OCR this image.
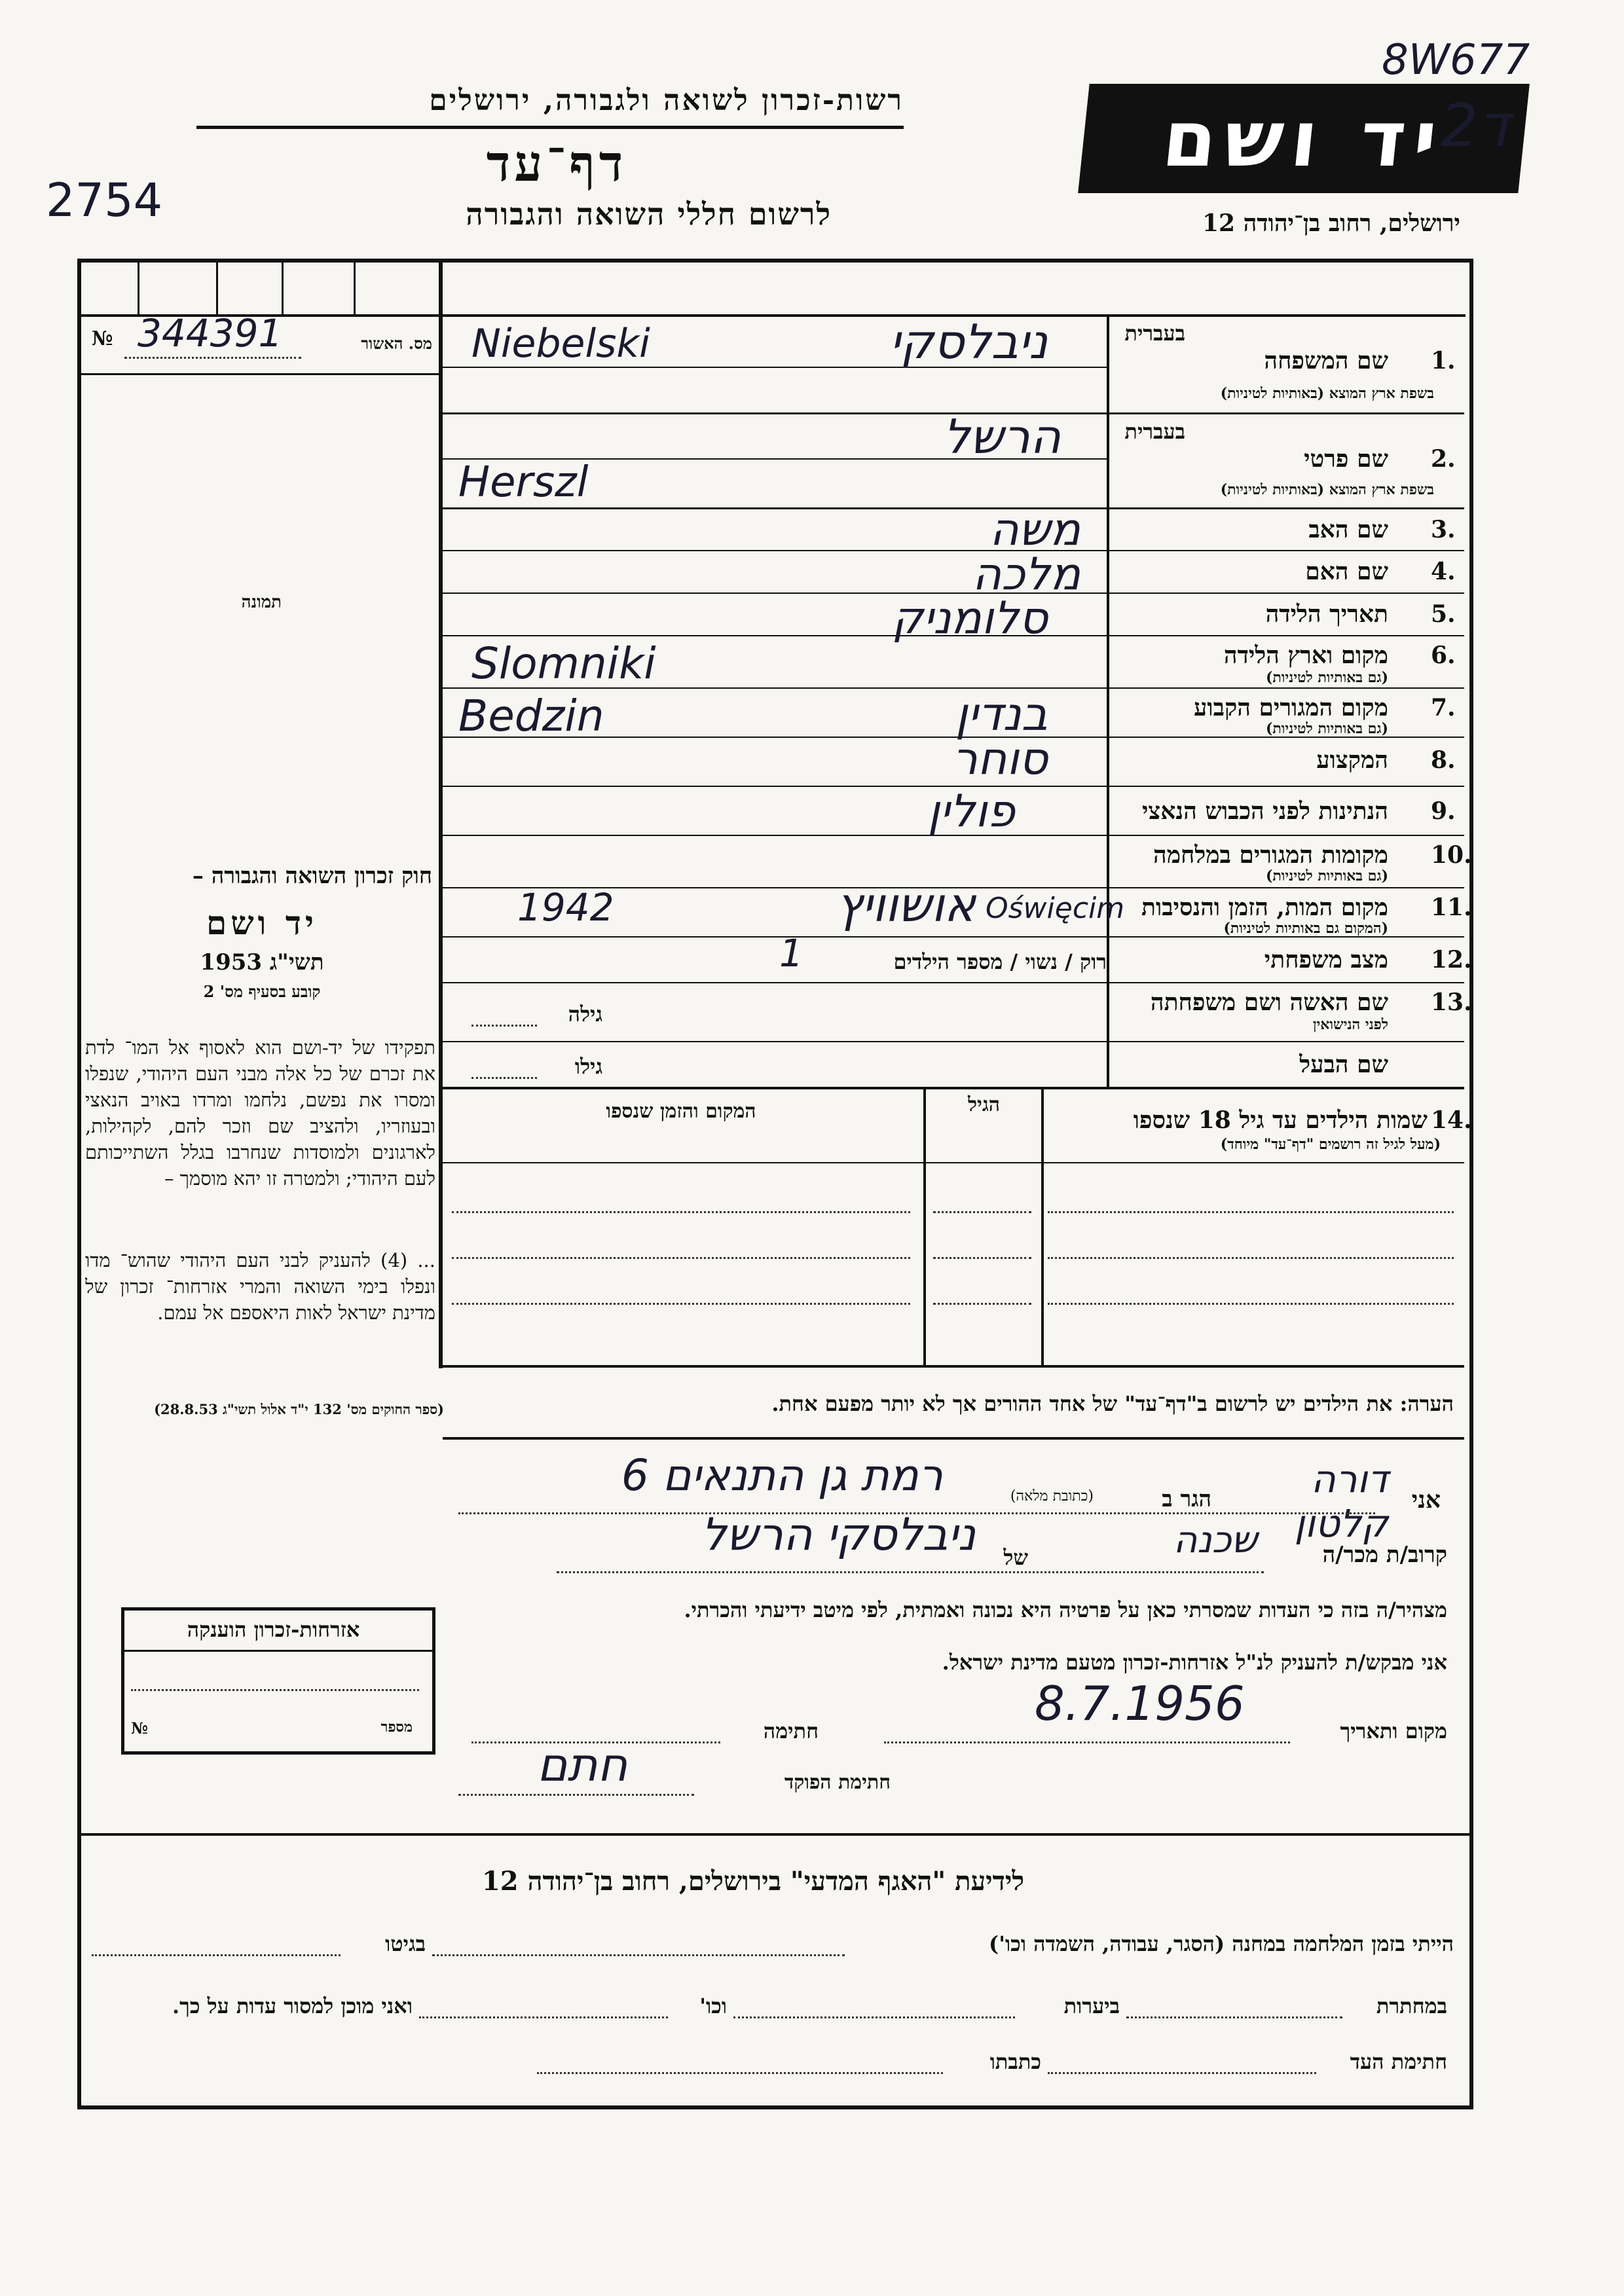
יד ושם
רשות-זכרון לשואה ולגבורה, ירושלים
דף־עד
לרשום חללי השואה והגבורה	ירושלים, רחוב בן־יהודה 12
2754
8W677
2ד
№ 344391	מס. האשור
תמונה
חוק זכרון השואה והגבורה –
יד ושם
תשי"ג 1953
קובע בסעיף מס' 2
תפקידו של יד-ושם הוא לאסוף אל המו־ לדת את זכרם של כל אלה מבני העם היהודי, שנפלו ומסרו את נפשם, נלחמו ומרדו באויב הנאצי ובעוזריו, ולהציב שם וזכר להם, לקהילות, לארגונים ולמוסדות שנחרבו בגלל השתייכותם לעם היהודי; ולמטרה זו יהא מוסמך –
... (4) להעניק לבני העם היהודי שהוש־ מדו ונפלו בימי השואה והמרי אזרחות־ זכרון של מדינת ישראל לאות היאספם אל עמם.
(ספר החוקים מס' 132 י"ד אלול תשי"ג 28.8.53)
אזרחות-זכרון הוענקה
№	מספר
בעברית
שם המשפחה 1.
בשפת ארץ המוצא (באותיות לטיניות)
Niebelski	ניבלסקי
בעברית
שם פרטי 2.
בשפת ארץ המוצא (באותיות לטיניות)
הרשל
Herszl
שם האב 3.
משה
שם האם 4.
מלכה
תאריך הלידה 5.
סלומניק
מקום וארץ הלידה 6.
(גם באותיות לטיניות)
Slomniki
מקום המגורים הקבוע 7.
(גם באותיות לטיניות)
Bedzin	בנדין
המקצוע 8.
סוחר
הנתינות לפני הכבוש הנאצי 9.
פולין
מקומות המגורים במלחמה 10.
(גם באותיות לטיניות)
מקום המות, הזמן והנסיבות 11.
(המקום גם באותיות לטיניות)
1942	אושוויץ Oświęcim
מצב משפחתי 12.
רוק / נשוי / מספר הילדים
1
שם האשה ושם משפחתה 13.
לפני הנישואין
גילה
שם הבעל
גילו
14.
שמות הילדים עד גיל 18 שנספו
(מעל לגיל זה רושמים "דף־עד" מיוחד)
הגיל
המקום והזמן שנספו
הערה: את הילדים יש לרשום ב"דף־עד" של אחד ההורים אך לא יותר מפעם אחת.
אני
דורה קלטון
הגר ב
(כתובת מלאה)
רמת גן התנאים 6
קרוב/ת מכר/ה
שכנה
של
ניבלסקי הרשל
מצהיר/ה בזה כי העדות שמסרתי כאן על פרטיה היא נכונה ואמתית, לפי מיטב ידיעתי והכרתי.
אני מבקש/ת להעניק לנ"ל אזרחות-זכרון מטעם מדינת ישראל.
מקום ותאריך
8.7.1956
חתימה
חתימת הפוקד
חתם
לידיעת "האגף המדעי" בירושלים, רחוב בן־יהודה 12
הייתי בזמן המלחמה במחנה (הסגר, עבודה, השמדה וכו')
בגיטו
במחתרת
ביערות
וכו'
ואני מוכן למסור עדות על כך.
חתימת העד
כתבתו
